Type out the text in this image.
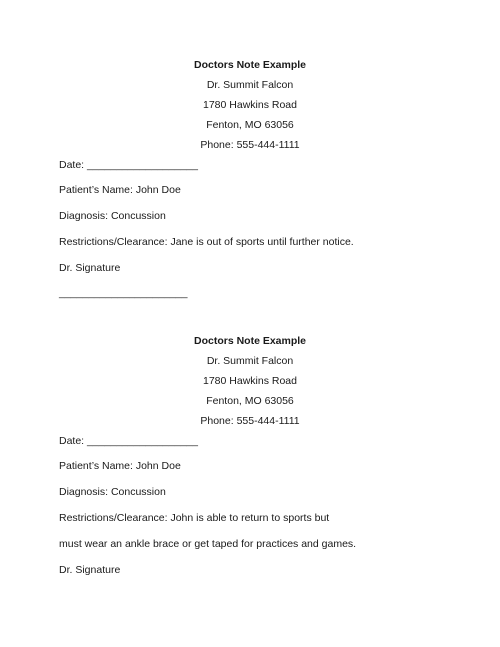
Doctors Note Example
Dr. Summit Falcon
1780 Hawkins Road
Fenton, MO 63056
Phone: 555-444-1111
Date: ___________________
Patient’s Name: John Doe
Diagnosis: Concussion
Restrictions/Clearance: Jane is out of sports until further notice.
Dr. Signature
______________________
Doctors Note Example
Dr. Summit Falcon
1780 Hawkins Road
Fenton, MO 63056
Phone: 555-444-1111
Date: ___________________
Patient’s Name: John Doe
Diagnosis: Concussion
Restrictions/Clearance: John is able to return to sports but
must wear an ankle brace or get taped for practices and games.
Dr. Signature
